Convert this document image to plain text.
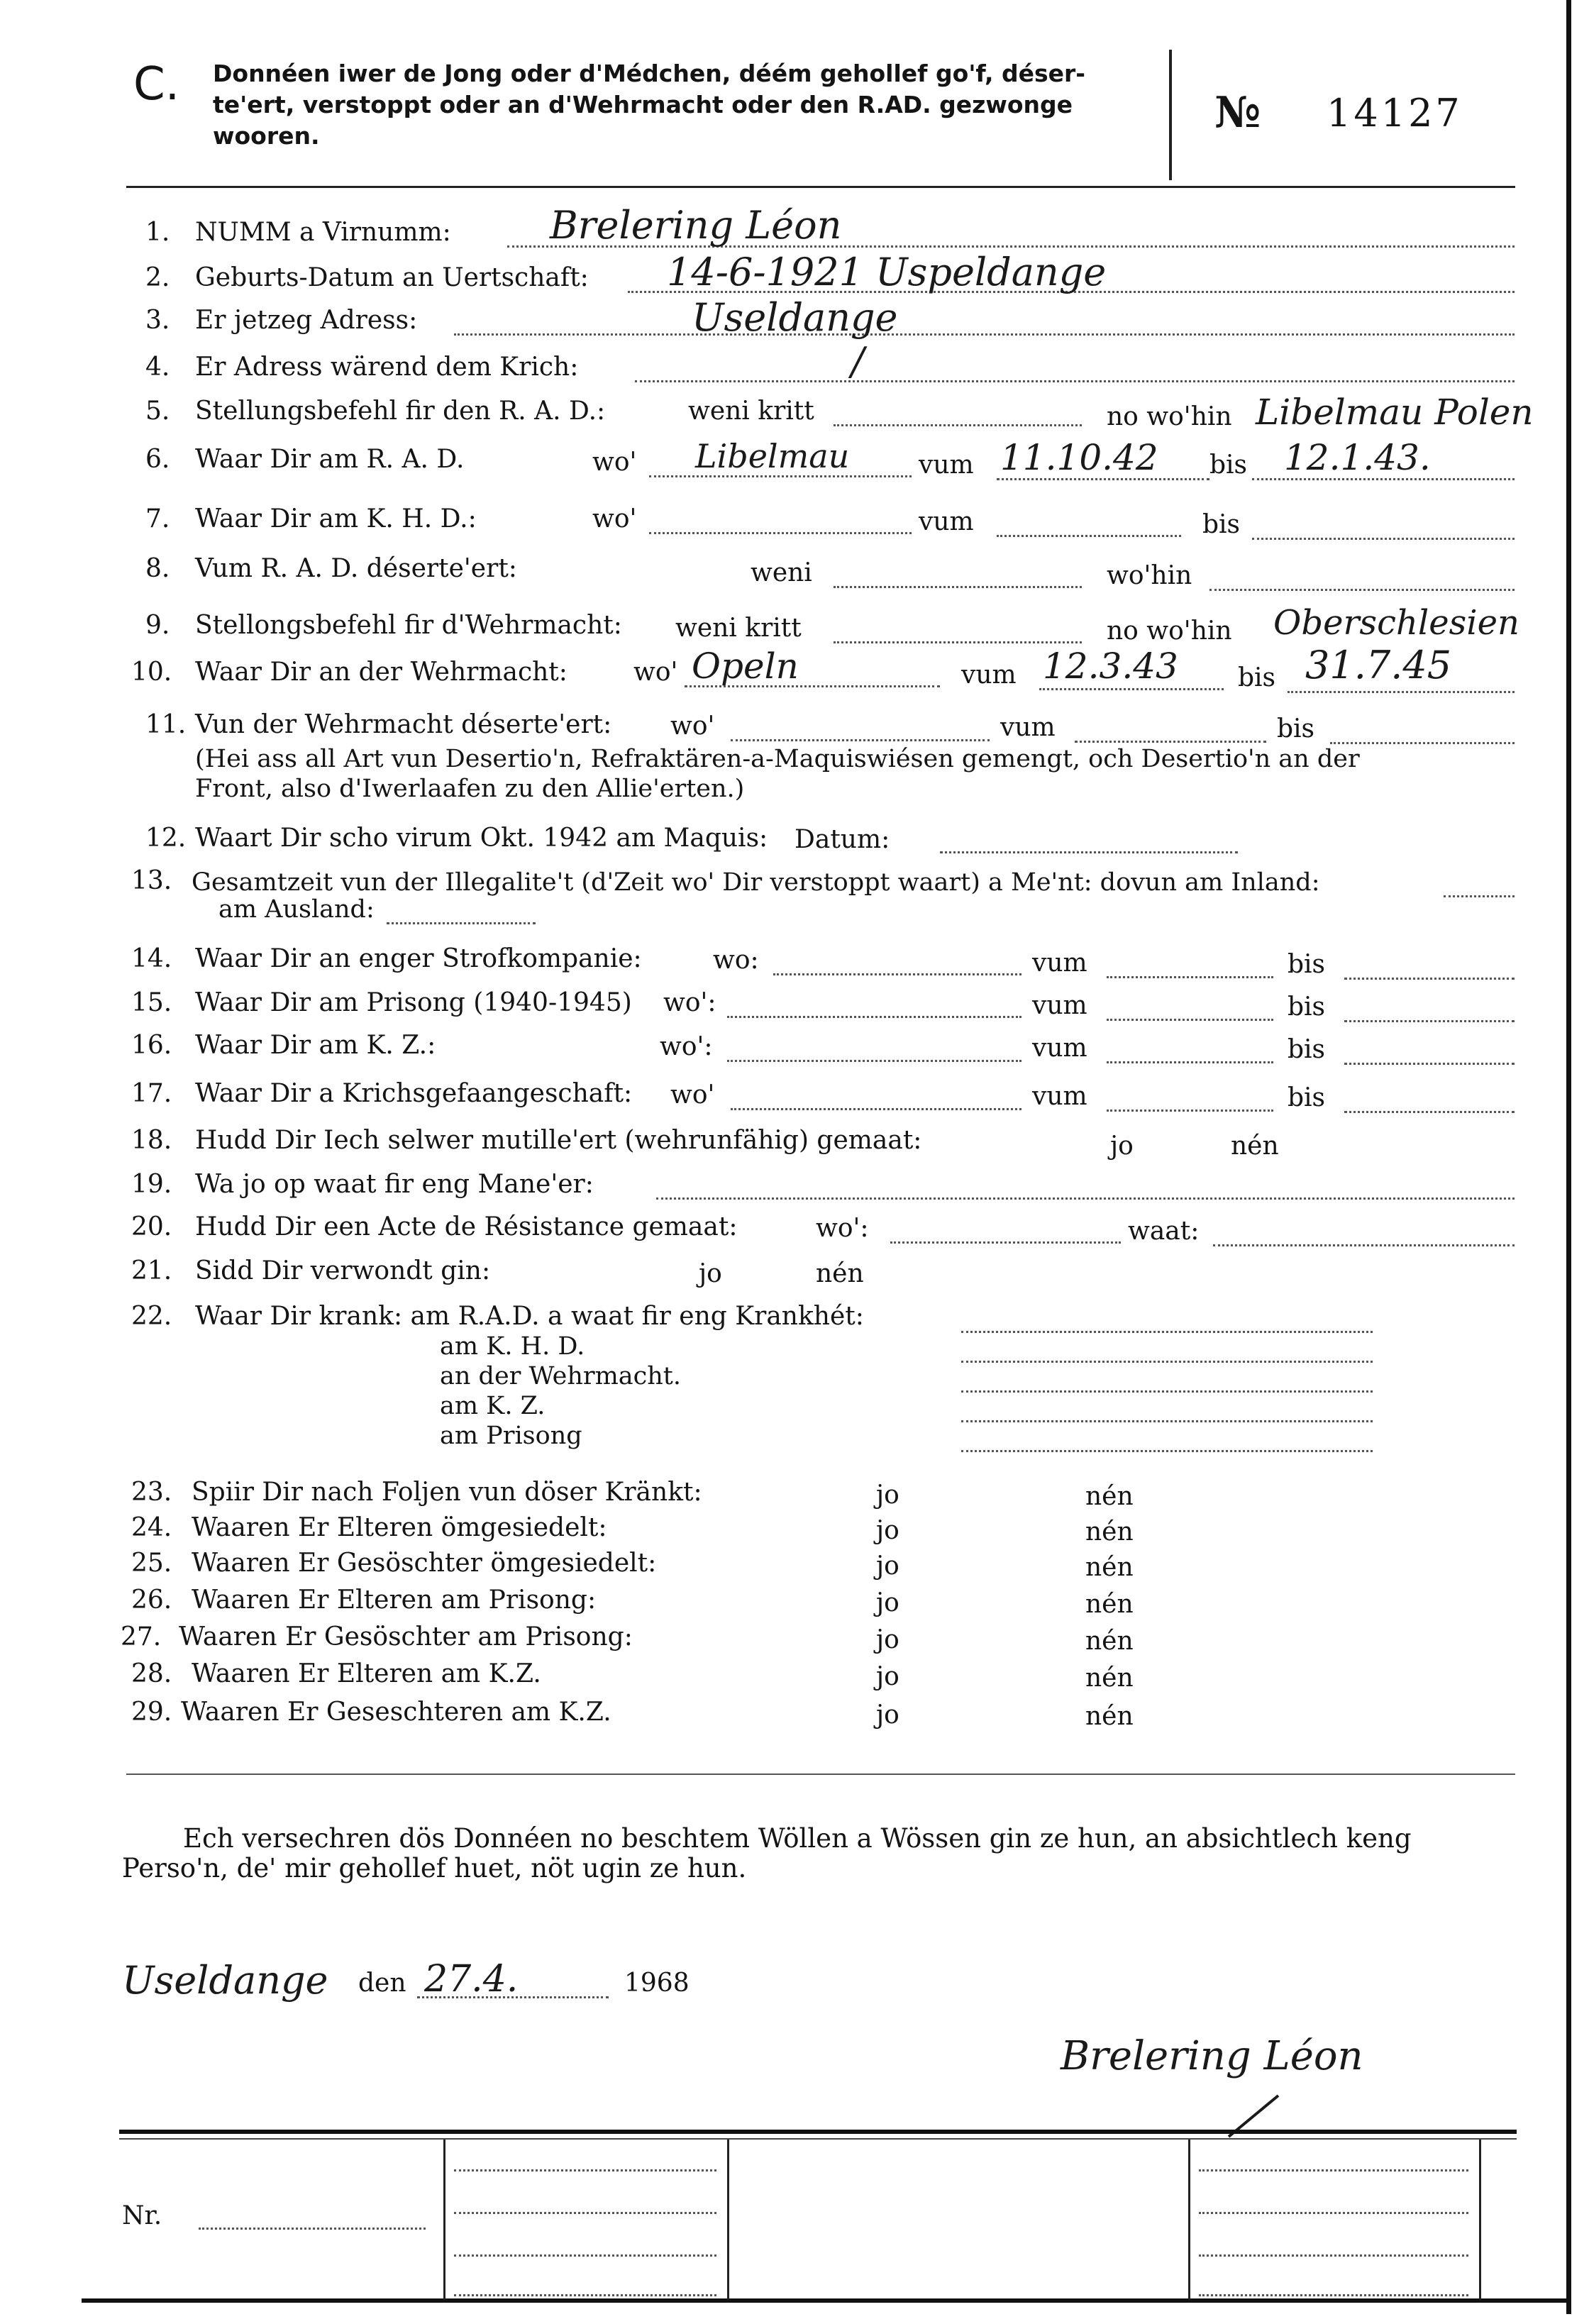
C. Donnéen iwer de Jong oder d'Médchen, déém gehollef go'f, déser-
te'ert, verstoppt oder an d'Wehrmacht oder den R.AD. gezwonge
wooren.	№ 14127
1. NUMM a Virnumm:	Brelering Léon
2. Geburts-Datum an Uertschaft: 14-6-1921 Uspeldange
3. Er jetzeg Adress:	Useldange
4. Er Adress wärend dem Krich:	/
5. Stellungsbefehl fir den R. A. D.:	weni kritt	no wo'hin Libelmau Polen
6. Waar Dir am R. A. D.	wo' Libelmau	vum 11.10.42 bis 12.1.43.
7. Waar Dir am K. H. D.:	wo'	vum	bis
8. Vum R. A. D. déserte'ert:	weni	wo'hin
9. Stellongsbefehl fir d'Wehrmacht: weni kritt	no wo'hin Oberschlesien
10. Waar Dir an der Wehrmacht:	wo' Opeln	vum 12.3.43 bis 31.7.45
11. Vun der Wehrmacht déserte'ert: wo'	vum	bis
(Hei ass all Art vun Desertio'n, Refraktären-a-Maquiswiésen gemengt, och Desertio'n an der
Front, also d'Iwerlaafen zu den Allie'erten.)
12. Waart Dir scho virum Okt. 1942 am Maquis: Datum:
13. Gesamtzeit vun der Illegalite't (d'Zeit wo' Dir verstoppt waart) a Me'nt: dovun am Inland:
am Ausland:
14. Waar Dir an enger Strofkompanie:	wo:	vum	bis
15. Waar Dir am Prisong (1940-1945) wo':	vum	bis
16. Waar Dir am K. Z.:	wo':	vum	bis
17. Waar Dir a Krichsgefaangeschaft: wo'	vum	bis
18. Hudd Dir Iech selwer mutille'ert (wehrunfähig) gemaat:	jo	nén
19. Wa jo op waat fir eng Mane'er:
20. Hudd Dir een Acte de Résistance gemaat:	wo':	waat:
21. Sidd Dir verwondt gin:	jo	nén
22. Waar Dir krank: am R.A.D. a waat fir eng Krankhét:
am K. H. D.
an der Wehrmacht.
am K. Z.
am Prisong
23. Spiir Dir nach Foljen vun döser Kränkt:	jo	nén
24. Waaren Er Elteren ömgesiedelt:	jo	nén
25. Waaren Er Gesöschter ömgesiedelt:	jo	nén
26. Waaren Er Elteren am Prisong:	jo	nén
27. Waaren Er Gesöschter am Prisong:	jo	nén
28. Waaren Er Elteren am K.Z.	jo	nén
29. Waaren Er Geseschteren am K.Z.	jo	nén
Ech versechren dös Donnéen no beschtem Wöllen a Wössen gin ze hun, an absichtlech keng
Perso'n, de' mir gehollef huet, nöt ugin ze hun.
Useldange den 27.4.	1968
Brelering Léon
Nr.
